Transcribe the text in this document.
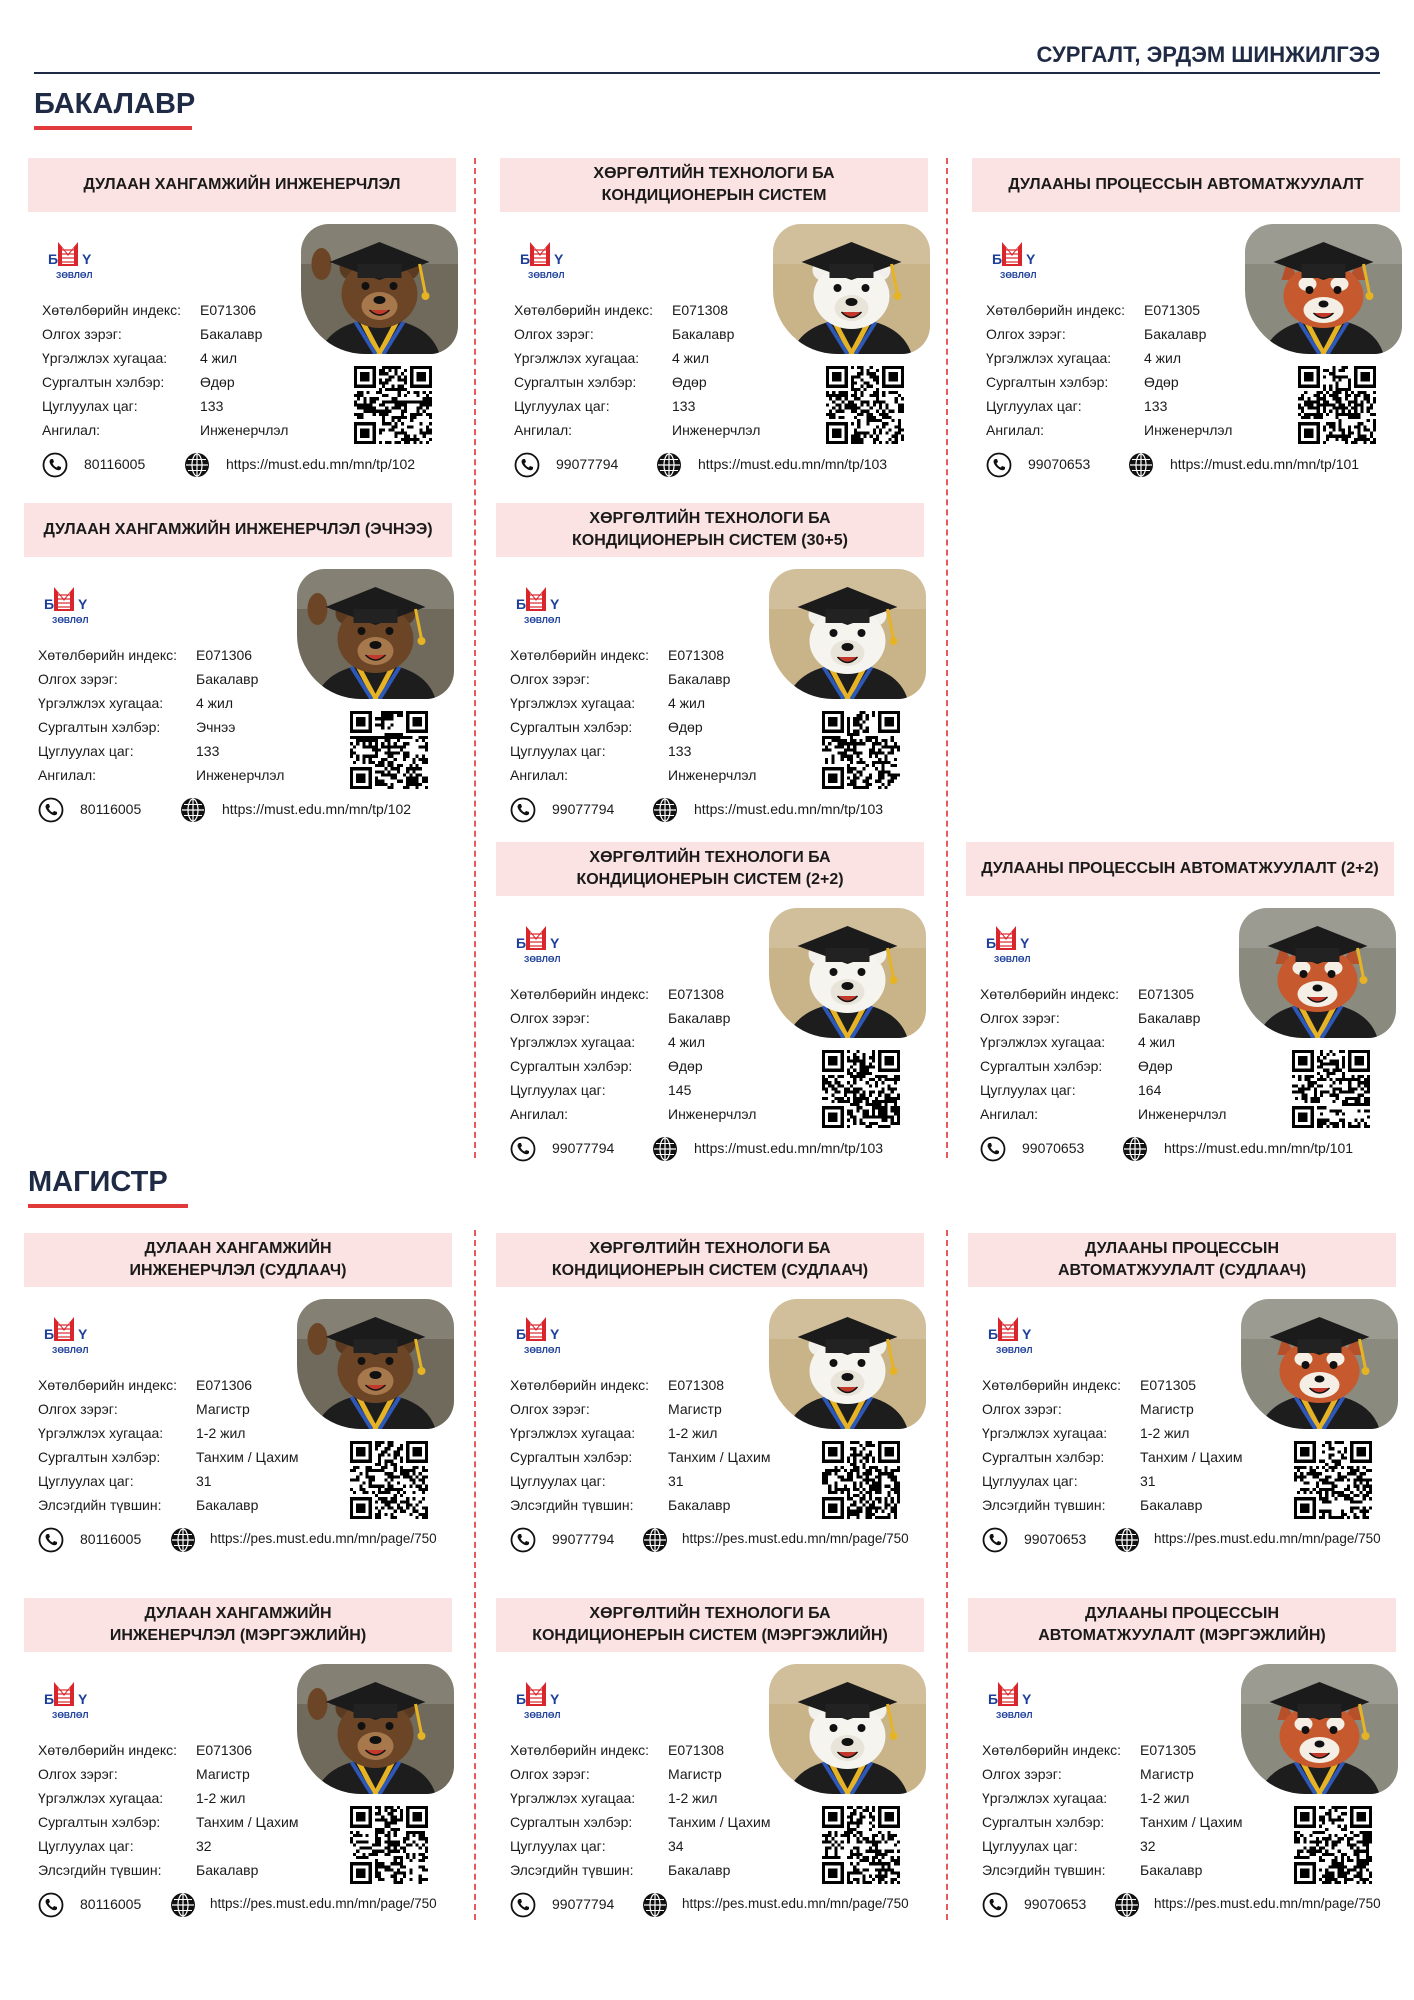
СУРГАЛТ, ЭРДЭМ ШИНЖИЛГЭЭ
БАКАЛАВР
МАГИСТР
ДУЛААН ХАНГАМЖИЙН ИНЖЕНЕРЧЛЭЛ
Б Y
ЗӨВЛӨЛ
Хөтөлбөрийн индекс: E071306
Олгох зэрэг:	Бакалавр
Үргэлжлэх хугацаа: 4 жил
Сургалтын хэлбэр:	Өдөр
Цуглуулах цаг:	133
Ангилал:	Инженерчлэл
80116005	https://must.edu.mn/mn/tp/102
ХӨРГӨЛТИЙН ТЕХНОЛОГИ БА
КОНДИЦИОНЕРЫН СИСТЕМ
Б Y
ЗӨВЛӨЛ
Хөтөлбөрийн индекс: E071308
Олгох зэрэг:	Бакалавр
Үргэлжлэх хугацаа: 4 жил
Сургалтын хэлбэр:	Өдөр
Цуглуулах цаг:	133
Ангилал:	Инженерчлэл
99077794	https://must.edu.mn/mn/tp/103
ДУЛААНЫ ПРОЦЕССЫН АВТОМАТЖУУЛАЛТ
Б Y
ЗӨВЛӨЛ
Хөтөлбөрийн индекс: E071305
Олгох зэрэг:	Бакалавр
Үргэлжлэх хугацаа: 4 жил
Сургалтын хэлбэр:	Өдөр
Цуглуулах цаг:	133
Ангилал:	Инженерчлэл
99070653	https://must.edu.mn/mn/tp/101
ДУЛААН ХАНГАМЖИЙН ИНЖЕНЕРЧЛЭЛ (ЭЧНЭЭ)
Б Y
ЗӨВЛӨЛ
Хөтөлбөрийн индекс: E071306
Олгох зэрэг:	Бакалавр
Үргэлжлэх хугацаа: 4 жил
Сургалтын хэлбэр:	Эчнээ
Цуглуулах цаг:	133
Ангилал:	Инженерчлэл
80116005	https://must.edu.mn/mn/tp/102
ХӨРГӨЛТИЙН ТЕХНОЛОГИ БА
КОНДИЦИОНЕРЫН СИСТЕМ (30+5)
Б Y
ЗӨВЛӨЛ
Хөтөлбөрийн индекс: E071308
Олгох зэрэг:	Бакалавр
Үргэлжлэх хугацаа: 4 жил
Сургалтын хэлбэр:	Өдөр
Цуглуулах цаг:	133
Ангилал:	Инженерчлэл
99077794	https://must.edu.mn/mn/tp/103
ХӨРГӨЛТИЙН ТЕХНОЛОГИ БА
КОНДИЦИОНЕРЫН СИСТЕМ (2+2)
Б Y
ЗӨВЛӨЛ
Хөтөлбөрийн индекс: E071308
Олгох зэрэг:	Бакалавр
Үргэлжлэх хугацаа: 4 жил
Сургалтын хэлбэр:	Өдөр
Цуглуулах цаг:	145
Ангилал:	Инженерчлэл
99077794	https://must.edu.mn/mn/tp/103
ДУЛААНЫ ПРОЦЕССЫН АВТОМАТЖУУЛАЛТ (2+2)
Б Y
ЗӨВЛӨЛ
Хөтөлбөрийн индекс: E071305
Олгох зэрэг:	Бакалавр
Үргэлжлэх хугацаа: 4 жил
Сургалтын хэлбэр:	Өдөр
Цуглуулах цаг:	164
Ангилал:	Инженерчлэл
99070653	https://must.edu.mn/mn/tp/101
ДУЛААН ХАНГАМЖИЙН
ИНЖЕНЕРЧЛЭЛ (СУДЛААЧ)
Б Y
ЗӨВЛӨЛ
Хөтөлбөрийн индекс: E071306
Олгох зэрэг:	Магистр
Үргэлжлэх хугацаа: 1-2 жил
Сургалтын хэлбэр:	Танхим / Цахим
Цуглуулах цаг:	31
Элсэгдийн түвшин: Бакалавр
80116005	https://pes.must.edu.mn/mn/page/750
ХӨРГӨЛТИЙН ТЕХНОЛОГИ БА
КОНДИЦИОНЕРЫН СИСТЕМ (СУДЛААЧ)
Б Y
ЗӨВЛӨЛ
Хөтөлбөрийн индекс: E071308
Олгох зэрэг:	Магистр
Үргэлжлэх хугацаа: 1-2 жил
Сургалтын хэлбэр:	Танхим / Цахим
Цуглуулах цаг:	31
Элсэгдийн түвшин: Бакалавр
99077794	https://pes.must.edu.mn/mn/page/750
ДУЛААНЫ ПРОЦЕССЫН
АВТОМАТЖУУЛАЛТ (СУДЛААЧ)
Б Y
ЗӨВЛӨЛ
Хөтөлбөрийн индекс: E071305
Олгох зэрэг:	Магистр
Үргэлжлэх хугацаа: 1-2 жил
Сургалтын хэлбэр:	Танхим / Цахим
Цуглуулах цаг:	31
Элсэгдийн түвшин: Бакалавр
99070653	https://pes.must.edu.mn/mn/page/750
ДУЛААН ХАНГАМЖИЙН
ИНЖЕНЕРЧЛЭЛ (МЭРГЭЖЛИЙН)
Б Y
ЗӨВЛӨЛ
Хөтөлбөрийн индекс: E071306
Олгох зэрэг:	Магистр
Үргэлжлэх хугацаа: 1-2 жил
Сургалтын хэлбэр:	Танхим / Цахим
Цуглуулах цаг:	32
Элсэгдийн түвшин: Бакалавр
80116005	https://pes.must.edu.mn/mn/page/750
ХӨРГӨЛТИЙН ТЕХНОЛОГИ БА
КОНДИЦИОНЕРЫН СИСТЕМ (МЭРГЭЖЛИЙН)
Б Y
ЗӨВЛӨЛ
Хөтөлбөрийн индекс: E071308
Олгох зэрэг:	Магистр
Үргэлжлэх хугацаа: 1-2 жил
Сургалтын хэлбэр:	Танхим / Цахим
Цуглуулах цаг:	34
Элсэгдийн түвшин: Бакалавр
99077794	https://pes.must.edu.mn/mn/page/750
ДУЛААНЫ ПРОЦЕССЫН
АВТОМАТЖУУЛАЛТ (МЭРГЭЖЛИЙН)
Б Y
ЗӨВЛӨЛ
Хөтөлбөрийн индекс: E071305
Олгох зэрэг:	Магистр
Үргэлжлэх хугацаа: 1-2 жил
Сургалтын хэлбэр:	Танхим / Цахим
Цуглуулах цаг:	32
Элсэгдийн түвшин: Бакалавр
99070653	https://pes.must.edu.mn/mn/page/750
